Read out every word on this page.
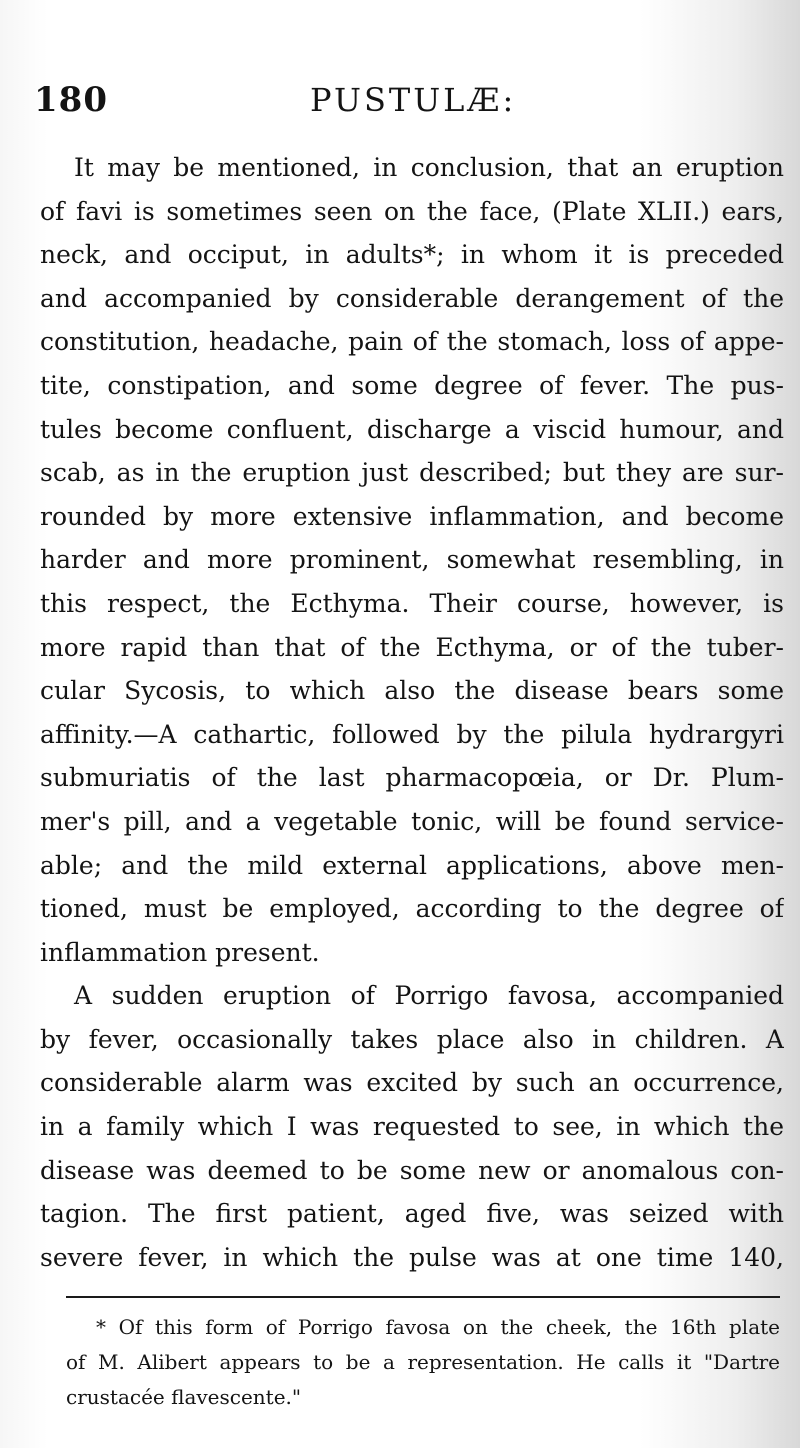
180	PUSTULÆ:
It may be mentioned, in conclusion, that an eruption
of favi is sometimes seen on the face, (Plate XLII.) ears,
neck, and occiput, in adults*; in whom it is preceded
and accompanied by considerable derangement of the
constitution, headache, pain of the stomach, loss of appe-
tite, constipation, and some degree of fever. The pus-
tules become confluent, discharge a viscid humour, and
scab, as in the eruption just described; but they are sur-
rounded by more extensive inflammation, and become
harder and more prominent, somewhat resembling, in
this respect, the Ecthyma. Their course, however, is
more rapid than that of the Ecthyma, or of the tuber-
cular Sycosis, to which also the disease bears some
affinity.—A cathartic, followed by the pilula hydrargyri
submuriatis of the last pharmacopœia, or Dr. Plum-
mer's pill, and a vegetable tonic, will be found service-
able; and the mild external applications, above men-
tioned, must be employed, according to the degree of
inflammation present.
A sudden eruption of Porrigo favosa, accompanied
by fever, occasionally takes place also in children. A
considerable alarm was excited by such an occurrence,
in a family which I was requested to see, in which the
disease was deemed to be some new or anomalous con-
tagion. The first patient, aged five, was seized with
severe fever, in which the pulse was at one time 140,
* Of this form of Porrigo favosa on the cheek, the 16th plate
of M. Alibert appears to be a representation. He calls it "Dartre
crustacée flavescente."
